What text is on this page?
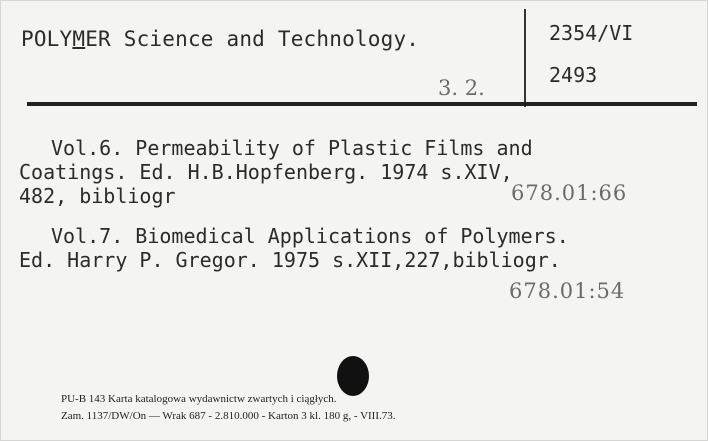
POLYMER Science and Technology.
3. 2.
2354/VI
2493
Vol.6. Permeability of Plastic Films and
Coatings. Ed. H.B.Hopfenberg. 1974 s.XIV,
482, bibliogr	678.01:66
Vol.7. Biomedical Applications of Polymers.
Ed. Harry P. Gregor. 1975 s.XII,227,bibliogr.
678.01:54
PU-B 143 Karta katalogowa wydawnictw zwartych i ciągłych.
Zam. 1137/DW/On — Wrak 687 - 2.810.000 - Karton 3 kl. 180 g, - VIII.73.
